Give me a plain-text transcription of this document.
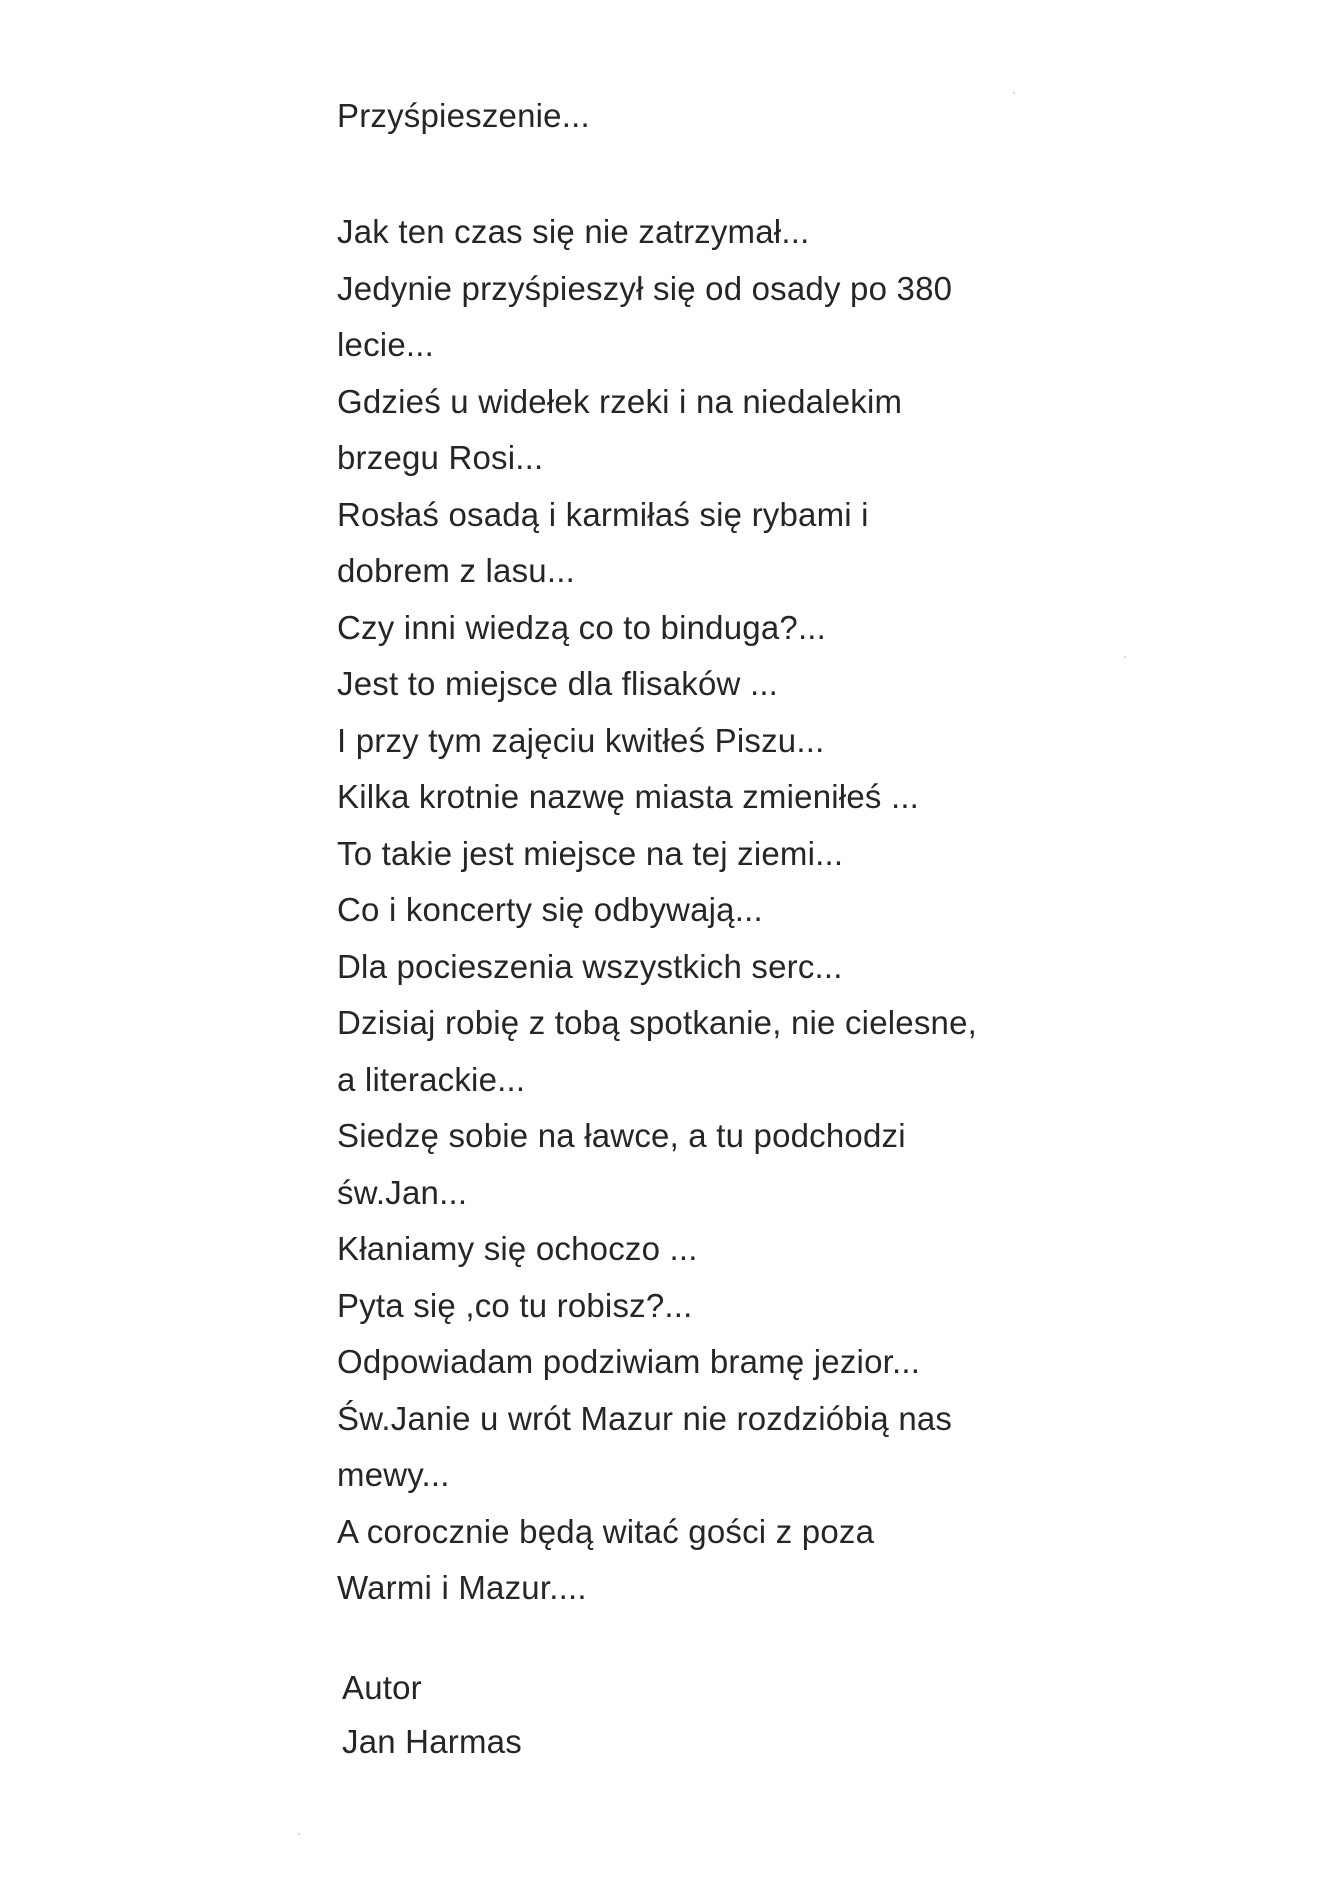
Przyśpieszenie...
Jak ten czas się nie zatrzymał...
Jedynie przyśpieszył się od osady po 380
lecie...
Gdzieś u widełek rzeki i na niedalekim
brzegu Rosi...
Rosłaś osadą i karmiłaś się rybami i
dobrem z lasu...
Czy inni wiedzą co to binduga?...
Jest to miejsce dla flisaków ...
I przy tym zajęciu kwitłeś Piszu...
Kilka krotnie nazwę miasta zmieniłeś ...
To takie jest miejsce na tej ziemi...
Co i koncerty się odbywają...
Dla pocieszenia wszystkich serc...
Dzisiaj robię z tobą spotkanie, nie cielesne,
a literackie...
Siedzę sobie na ławce, a tu podchodzi
św.Jan...
Kłaniamy się ochoczo ...
Pyta się ,co tu robisz?...
Odpowiadam podziwiam bramę jezior...
Św.Janie u wrót Mazur nie rozdzióbią nas
mewy...
A corocznie będą witać gości z poza
Warmi i Mazur....
Autor
Jan Harmas
